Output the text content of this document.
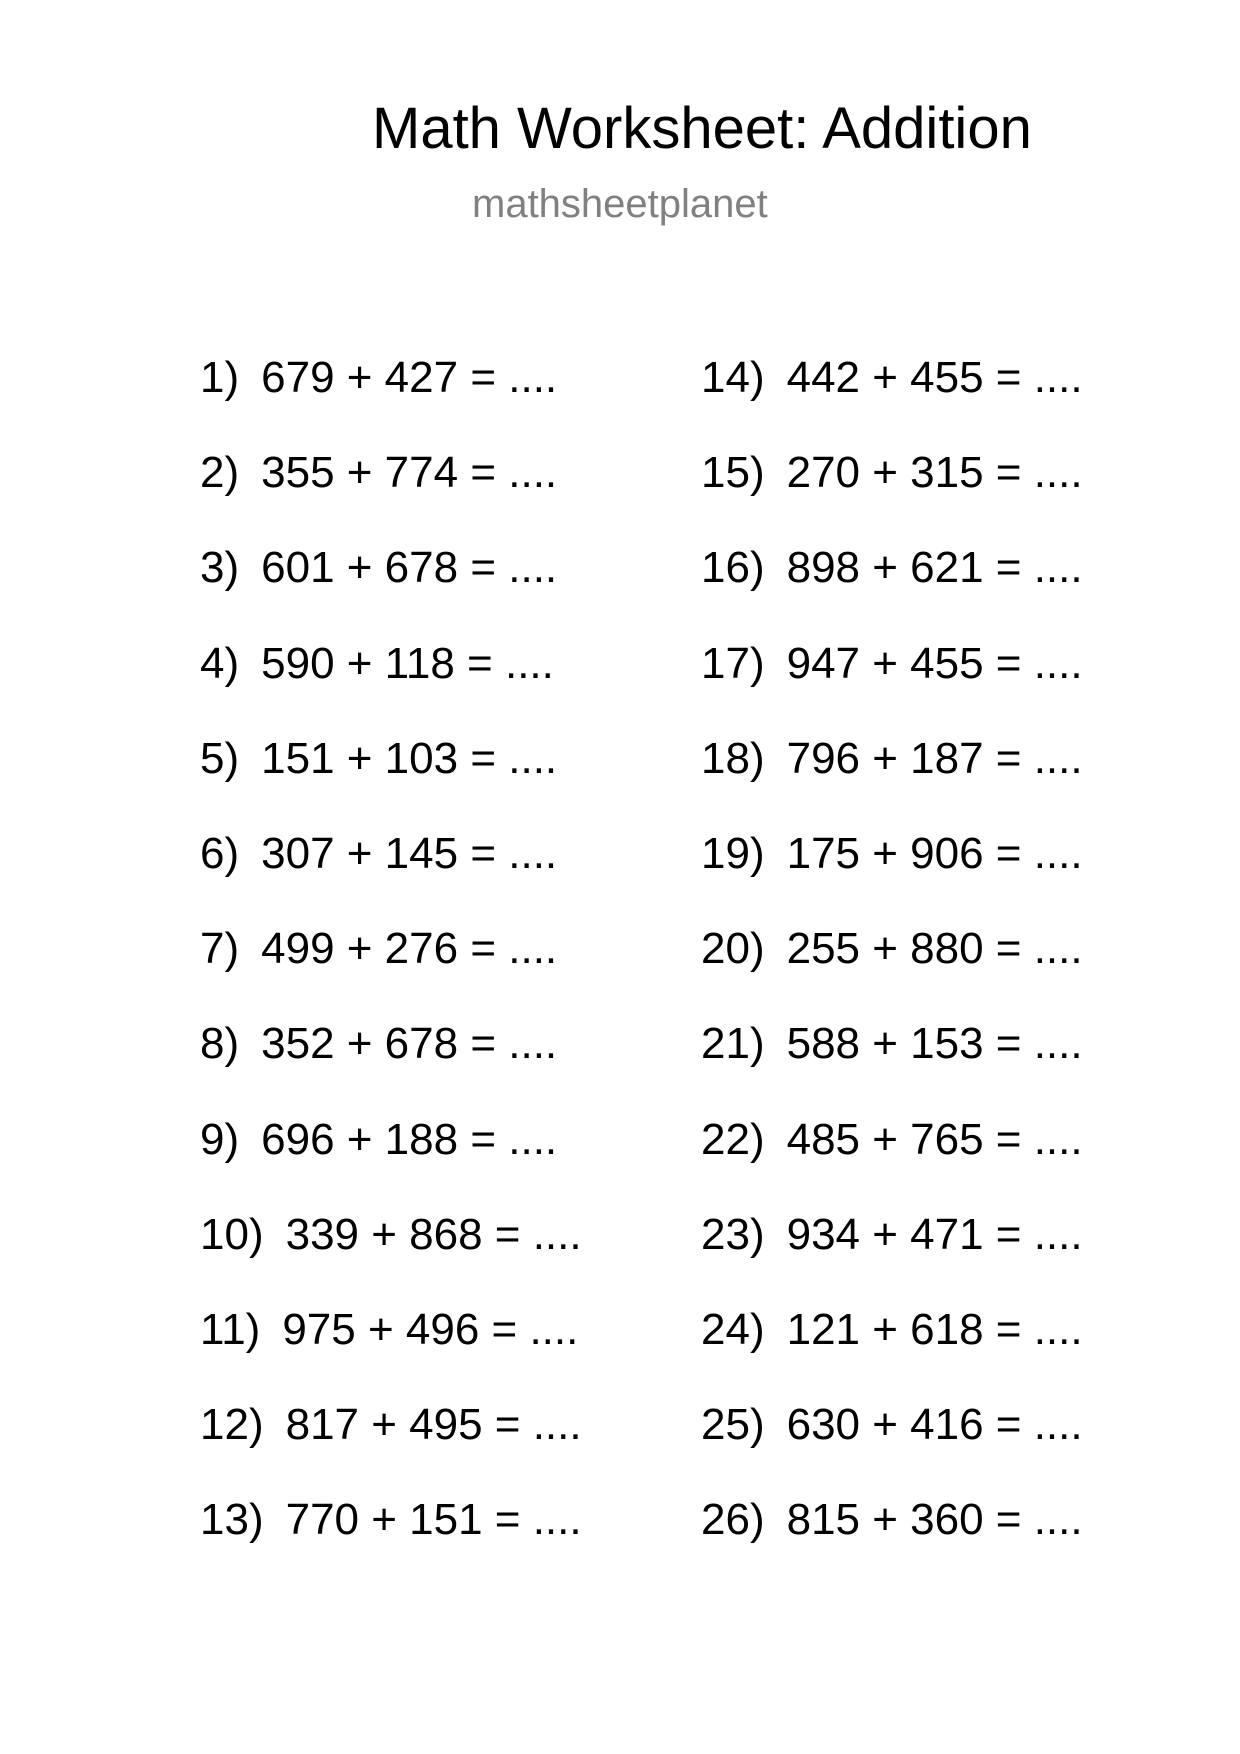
Math Worksheet: Addition
mathsheetplanet
1) 679 + 427 = ....
2) 355 + 774 = ....
3) 601 + 678 = ....
4) 590 + 118 = ....
5) 151 + 103 = ....
6) 307 + 145 = ....
7) 499 + 276 = ....
8) 352 + 678 = ....
9) 696 + 188 = ....
10) 339 + 868 = ....
11) 975 + 496 = ....
12) 817 + 495 = ....
13) 770 + 151 = ....
14) 442 + 455 = ....
15) 270 + 315 = ....
16) 898 + 621 = ....
17) 947 + 455 = ....
18) 796 + 187 = ....
19) 175 + 906 = ....
20) 255 + 880 = ....
21) 588 + 153 = ....
22) 485 + 765 = ....
23) 934 + 471 = ....
24) 121 + 618 = ....
25) 630 + 416 = ....
26) 815 + 360 = ....
